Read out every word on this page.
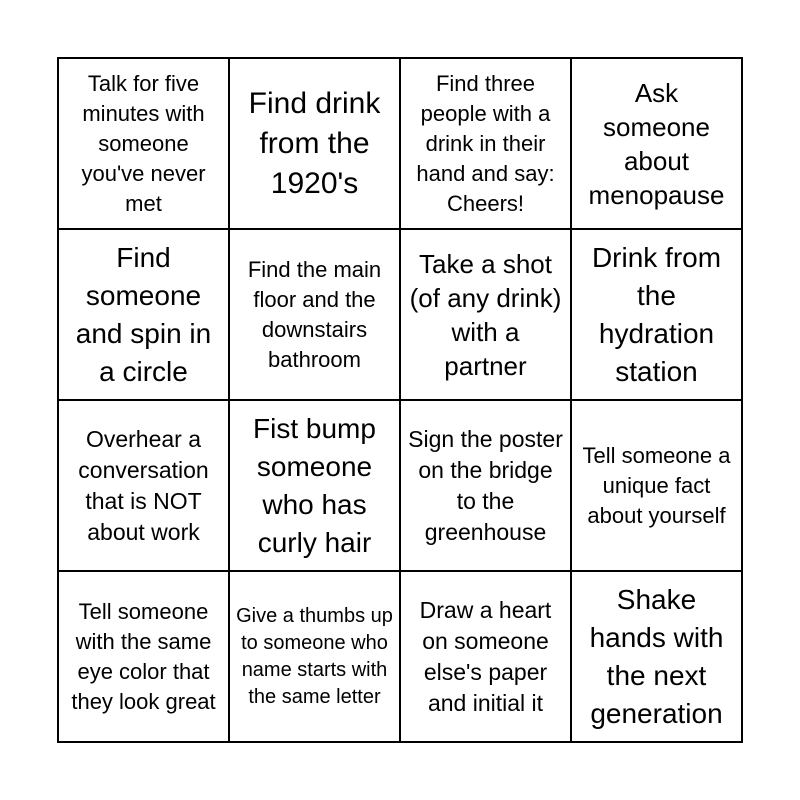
Talk for five minutes with someone you've never met
Find drink from the 1920's
Find three people with a drink in their hand and say: Cheers!
Ask someone about menopause
Find someone and spin in a circle
Find the main floor and the downstairs bathroom
Take a shot (of any drink) with a partner
Drink from the hydration station
Overhear a conversation that is NOT about work
Fist bump someone who has curly hair
Sign the poster on the bridge to the greenhouse
Tell someone a unique fact about yourself
Tell someone with the same eye color that they look great
Give a thumbs up to someone who name starts with the same letter
Draw a heart on someone else's paper and initial it
Shake hands with the next generation
